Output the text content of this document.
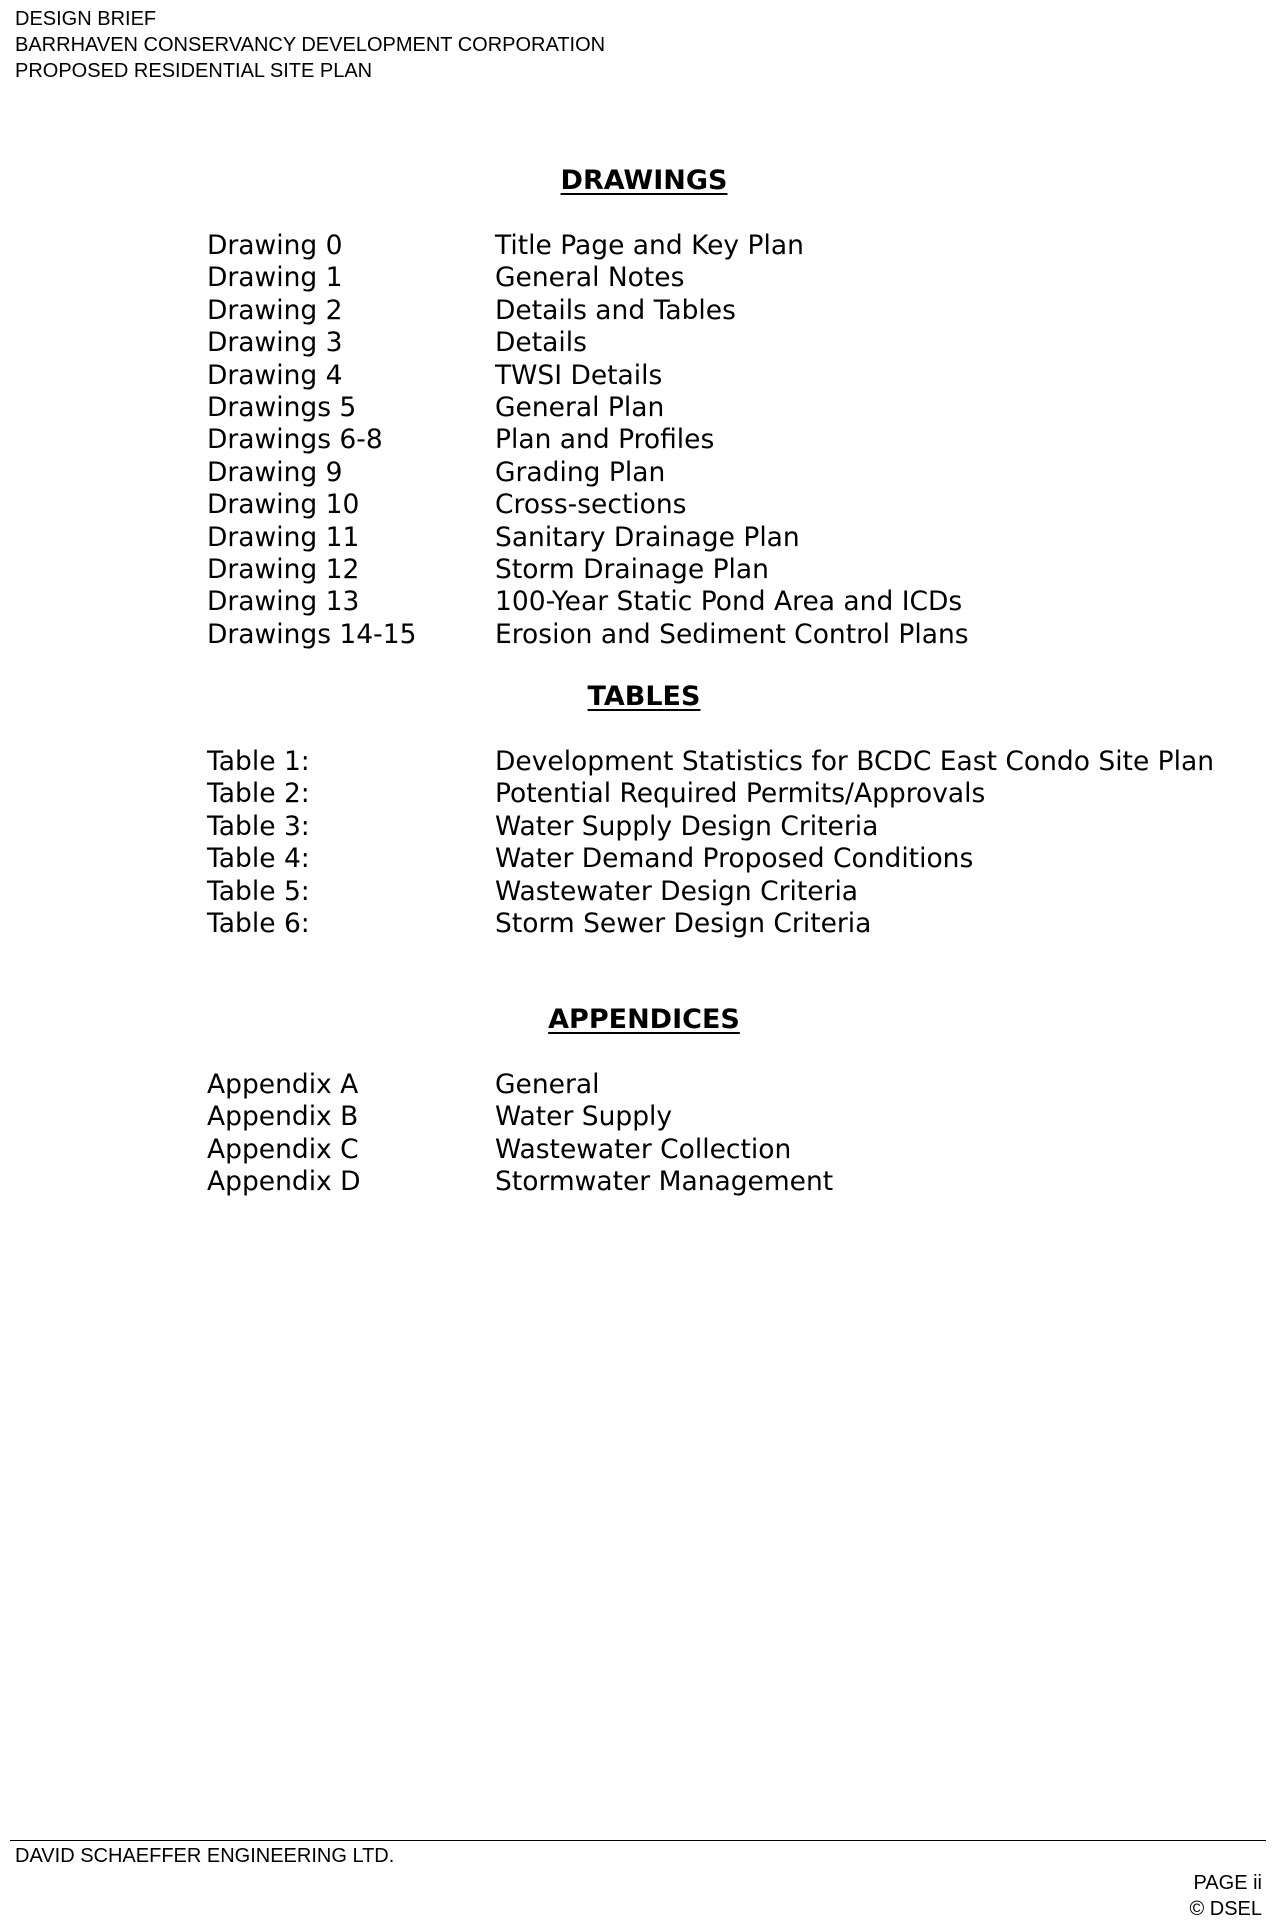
DESIGN BRIEF
BARRHAVEN CONSERVANCY DEVELOPMENT CORPORATION
PROPOSED RESIDENTIAL SITE PLAN
DRAWINGS
Drawing 0	Title Page and Key Plan
Drawing 1	General Notes
Drawing 2	Details and Tables
Drawing 3	Details
Drawing 4	TWSI Details
Drawings 5	General Plan
Drawings 6-8	Plan and Profiles
Drawing 9	Grading Plan
Drawing 10	Cross-sections
Drawing 11	Sanitary Drainage Plan
Drawing 12	Storm Drainage Plan
Drawing 13	100-Year Static Pond Area and ICDs
Drawings 14-15	Erosion and Sediment Control Plans
TABLES
Table 1:	Development Statistics for BCDC East Condo Site Plan
Table 2:	Potential Required Permits/Approvals
Table 3:	Water Supply Design Criteria
Table 4:	Water Demand Proposed Conditions
Table 5:	Wastewater Design Criteria
Table 6:	Storm Sewer Design Criteria
APPENDICES
Appendix A	General
Appendix B	Water Supply
Appendix C	Wastewater Collection
Appendix D	Stormwater Management
DAVID SCHAEFFER ENGINEERING LTD.
PAGE ii
© DSEL
